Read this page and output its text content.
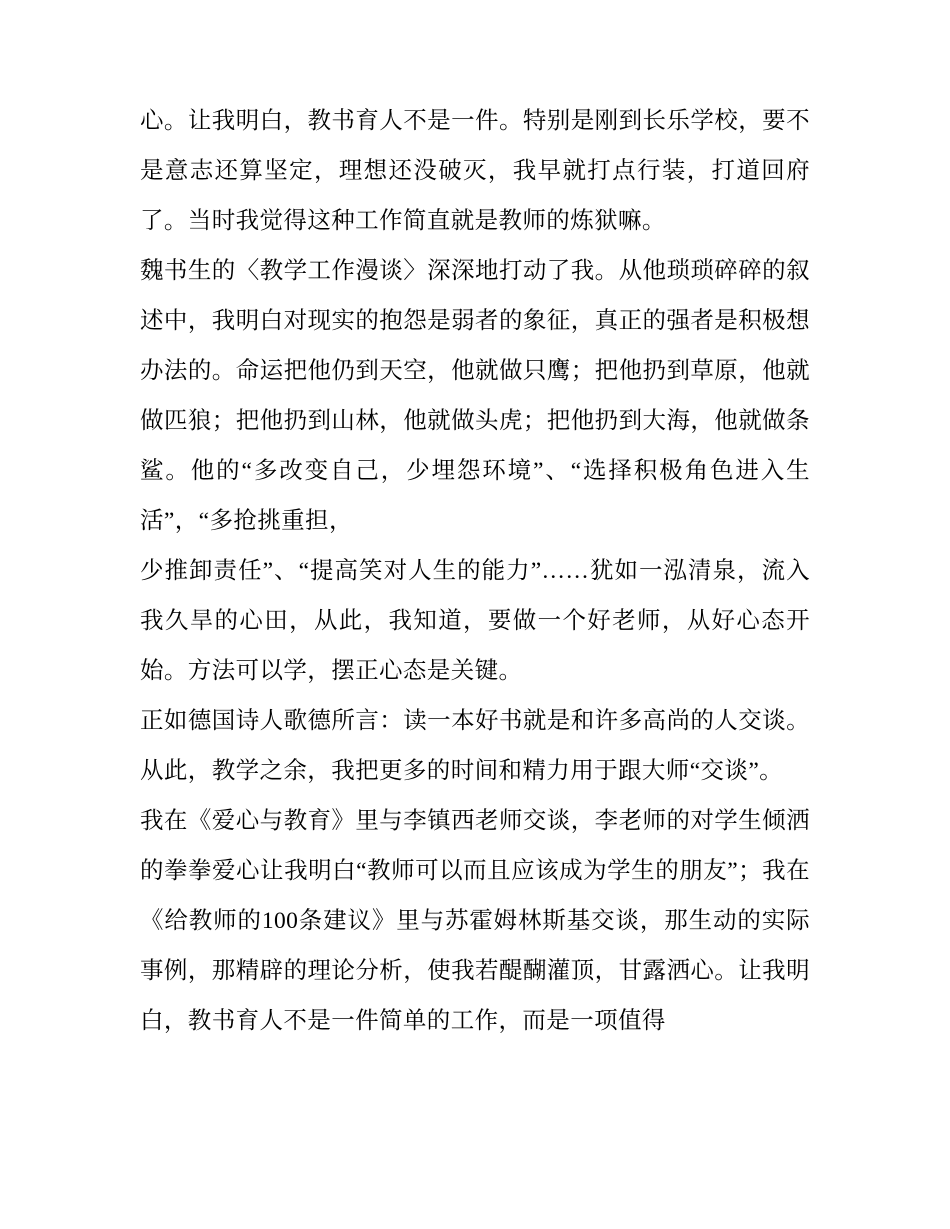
心。让我明白，教书育人不是一件。特别是刚到长乐学校，要不是意志还算坚定，理想还没破灭，我早就打点行装，打道回府了。当时我觉得这种工作简直就是教师的炼狱嘛。

魏书生的〈教学工作漫谈〉深深地打动了我。从他琐琐碎碎的叙述中，我明白对现实的抱怨是弱者的象征，真正的强者是积极想办法的。命运把他仍到天空，他就做只鹰；把他扔到草原，他就做匹狼；把他扔到山林，他就做头虎；把他扔到大海，他就做条鲨。他的“多改变自己，少埋怨环境”、“选择积极角色进入生活”，“多抢挑重担，

少推卸责任”、“提高笑对人生的能力”……犹如一泓清泉，流入我久旱的心田，从此，我知道，要做一个好老师，从好心态开始。方法可以学，摆正心态是关键。

正如德国诗人歌德所言：读一本好书就是和许多高尚的人交谈。从此，教学之余，我把更多的时间和精力用于跟大师“交谈”。

我在《爱心与教育》里与李镇西老师交谈，李老师的对学生倾洒的拳拳爱心让我明白“教师可以而且应该成为学生的朋友”；我在《给教师的100条建议》里与苏霍姆林斯基交谈，那生动的实际事例，那精辟的理论分析，使我若醍醐灌顶，甘露洒心。让我明白，教书育人不是一件简单的工作，而是一项值得
